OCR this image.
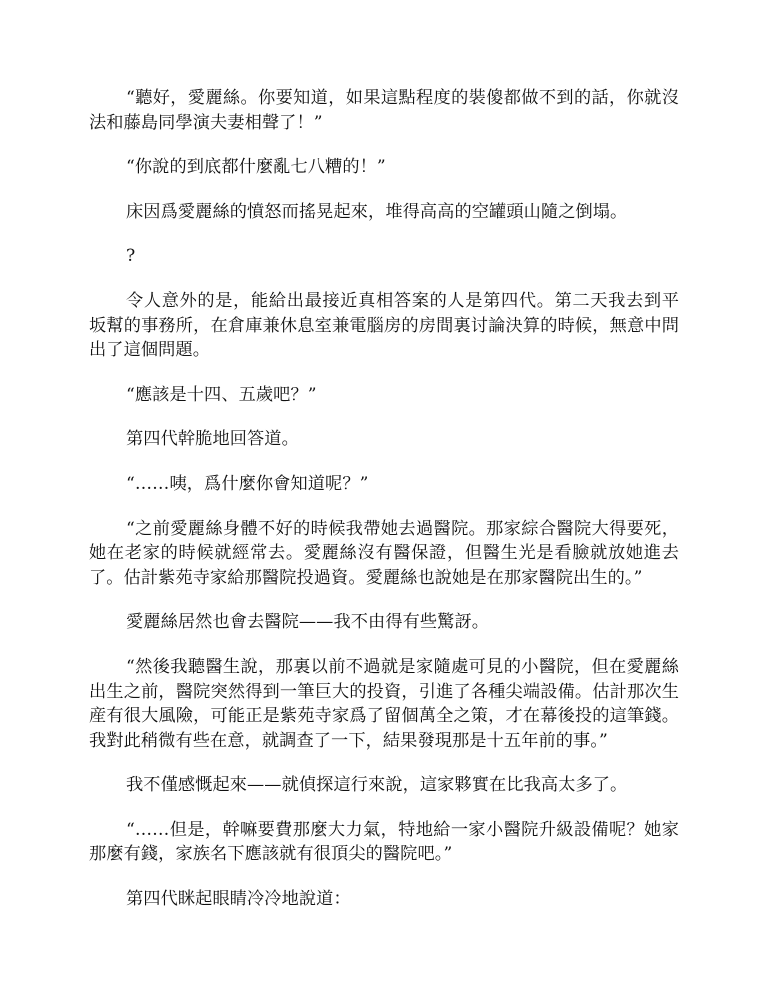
“聽好，愛麗絲。你要知道，如果這點程度的裝傻都做不到的話，你就沒法和藤島同學演夫妻相聲了！”

“你說的到底都什麼亂七八糟的！”

床因爲愛麗絲的憤怒而搖晃起來，堆得高高的空罐頭山隨之倒塌。

?

令人意外的是，能給出最接近真相答案的人是第四代。第二天我去到平坂幫的事務所，在倉庫兼休息室兼電腦房的房間裏讨論決算的時候，無意中問出了這個問題。

“應該是十四、五歲吧？”

第四代幹脆地回答道。

“……咦，爲什麼你會知道呢？”

“之前愛麗絲身體不好的時候我帶她去過醫院。那家綜合醫院大得要死，她在老家的時候就經常去。愛麗絲沒有醫保證，但醫生光是看臉就放她進去了。估計紫苑寺家給那醫院投過資。愛麗絲也說她是在那家醫院出生的。”

愛麗絲居然也會去醫院——我不由得有些驚訝。

“然後我聽醫生說，那裏以前不過就是家隨處可見的小醫院，但在愛麗絲出生之前，醫院突然得到一筆巨大的投資，引進了各種尖端設備。估計那次生産有很大風險，可能正是紫苑寺家爲了留個萬全之策，才在幕後投的這筆錢。我對此稍微有些在意，就調查了一下，結果發現那是十五年前的事。”

我不僅感慨起來——就偵探這行來說，這家夥實在比我高太多了。

“……但是，幹嘛要費那麼大力氣，特地給一家小醫院升級設備呢？她家那麼有錢，家族名下應該就有很頂尖的醫院吧。”

第四代眯起眼睛冷冷地說道：
